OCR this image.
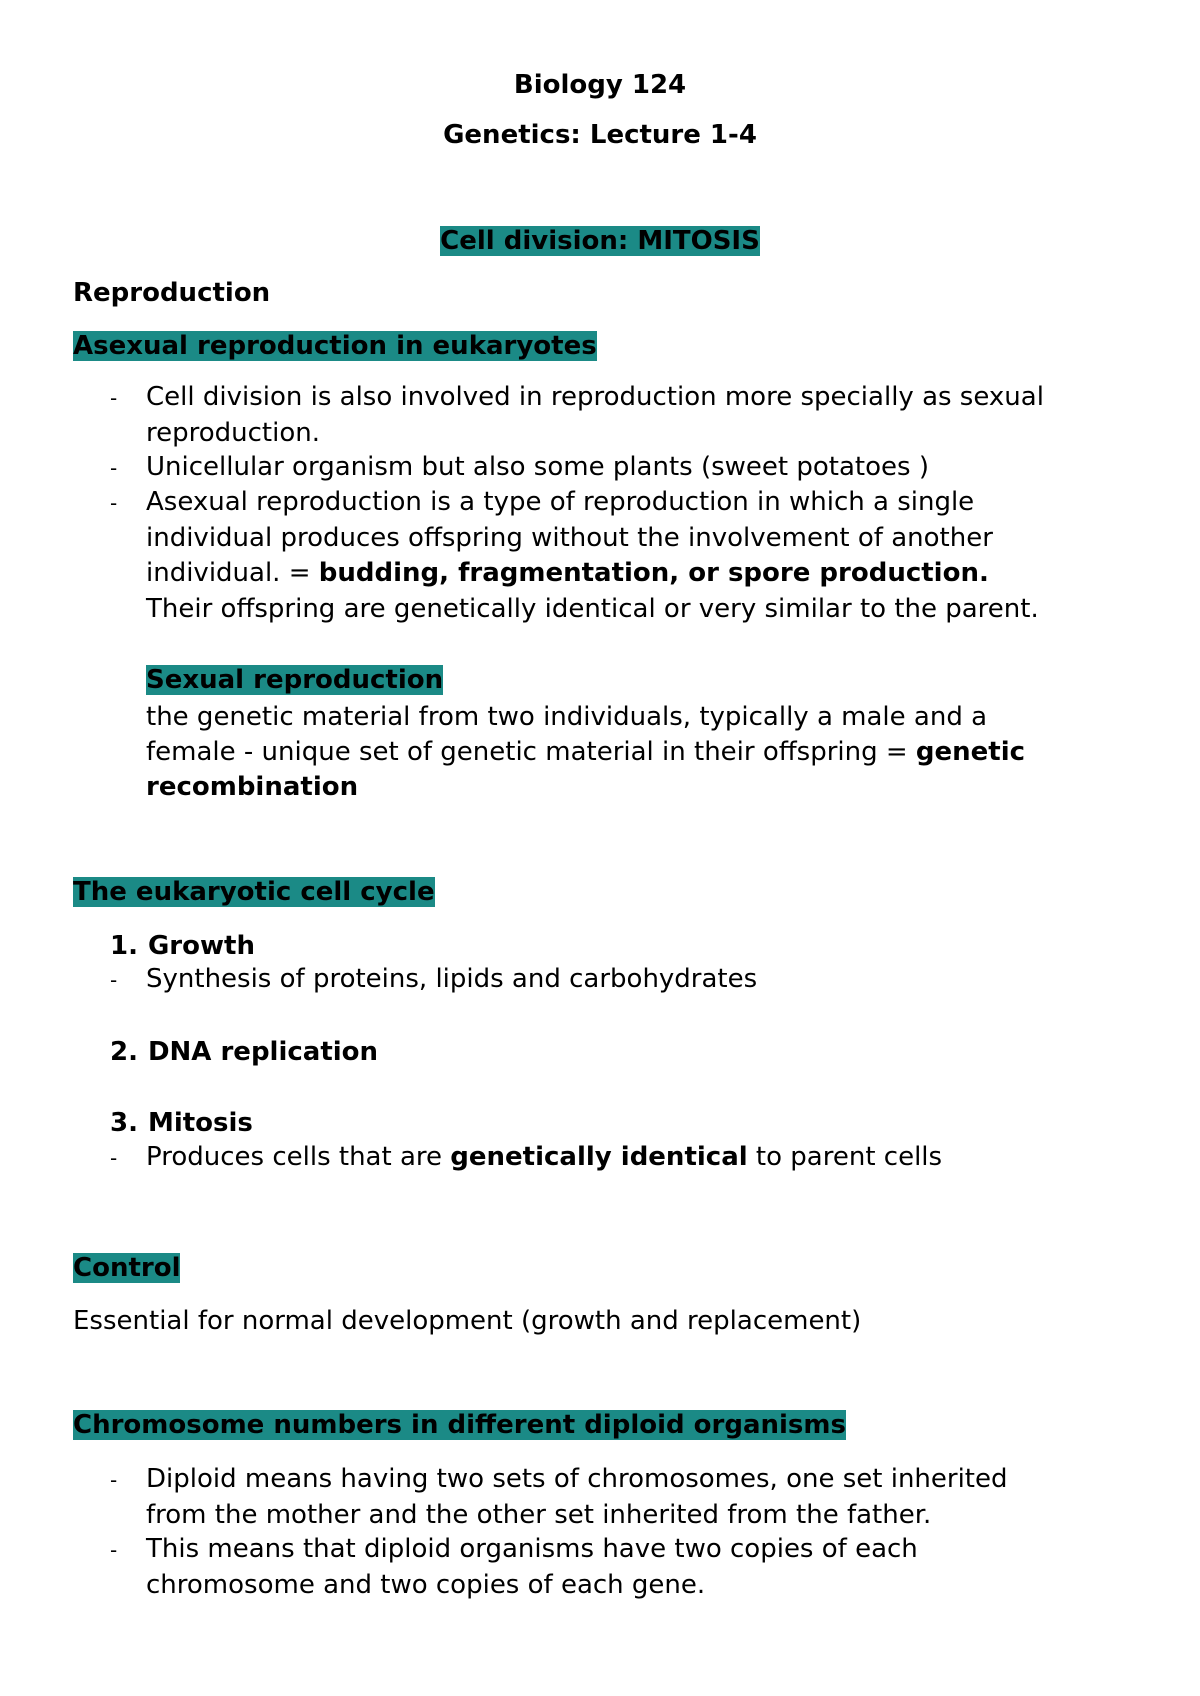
Biology 124
Genetics: Lecture 1-4
Cell division: MITOSIS
Reproduction
Asexual reproduction in eukaryotes
- Cell division is also involved in reproduction more specially as sexual
reproduction.
- Unicellular organism but also some plants (sweet potatoes )
- Asexual reproduction is a type of reproduction in which a single
individual produces offspring without the involvement of another
individual. = budding, fragmentation, or spore production.
Their offspring are genetically identical or very similar to the parent.
Sexual reproduction
the genetic material from two individuals, typically a male and a
female - unique set of genetic material in their offspring = genetic
recombination
The eukaryotic cell cycle
1. Growth
- Synthesis of proteins, lipids and carbohydrates
2. DNA replication
3. Mitosis
- Produces cells that are genetically identical to parent cells
Control
Essential for normal development (growth and replacement)
Chromosome numbers in different diploid organisms
- Diploid means having two sets of chromosomes, one set inherited
from the mother and the other set inherited from the father.
- This means that diploid organisms have two copies of each
chromosome and two copies of each gene.
